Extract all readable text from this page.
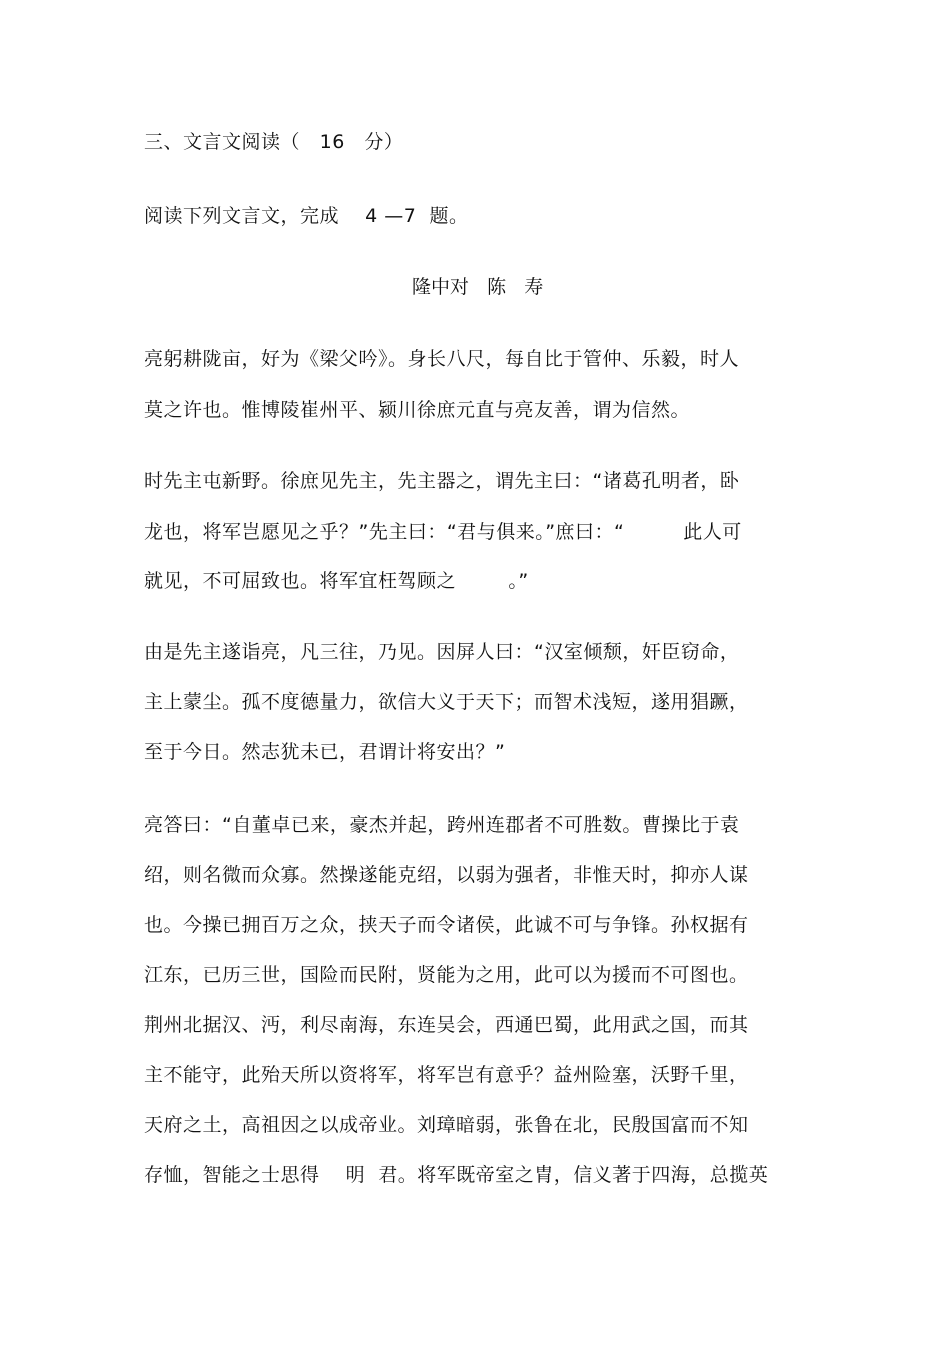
三、文言文阅读（   16   分）
阅读下列文言文，完成    4 —7  题。
隆中对   陈   寿
亮躬耕陇亩，好为《梁父吟》。身长八尺，每自比于管仲、乐毅，时人
莫之许也。惟博陵崔州平、颍川徐庶元直与亮友善，谓为信然。
时先主屯新野。徐庶见先主，先主器之，谓先主曰：“诸葛孔明者，卧
龙也，将军岂愿见之乎？”先主曰：“君与俱来。”庶曰：“         此人可
就见，不可屈致也。将军宜枉驾顾之        。”
由是先主遂诣亮，凡三往，乃见。因屏人曰：“汉室倾颓，奸臣窃命，
主上蒙尘。孤不度德量力，欲信大义于天下；而智术浅短，遂用猖蹶，
至于今日。然志犹未已，君谓计将安出？”
亮答曰：“自董卓已来，豪杰并起，跨州连郡者不可胜数。曹操比于袁
绍，则名微而众寡。然操遂能克绍，以弱为强者，非惟天时，抑亦人谋
也。今操已拥百万之众，挟天子而令诸侯，此诚不可与争锋。孙权据有
江东，已历三世，国险而民附，贤能为之用，此可以为援而不可图也。
荆州北据汉、沔，利尽南海，东连吴会，西通巴蜀，此用武之国，而其
主不能守，此殆天所以资将军，将军岂有意乎？益州险塞，沃野千里，
天府之土，高祖因之以成帝业。刘璋暗弱，张鲁在北，民殷国富而不知
存恤，智能之士思得    明  君。将军既帝室之胄，信义著于四海，总揽英
